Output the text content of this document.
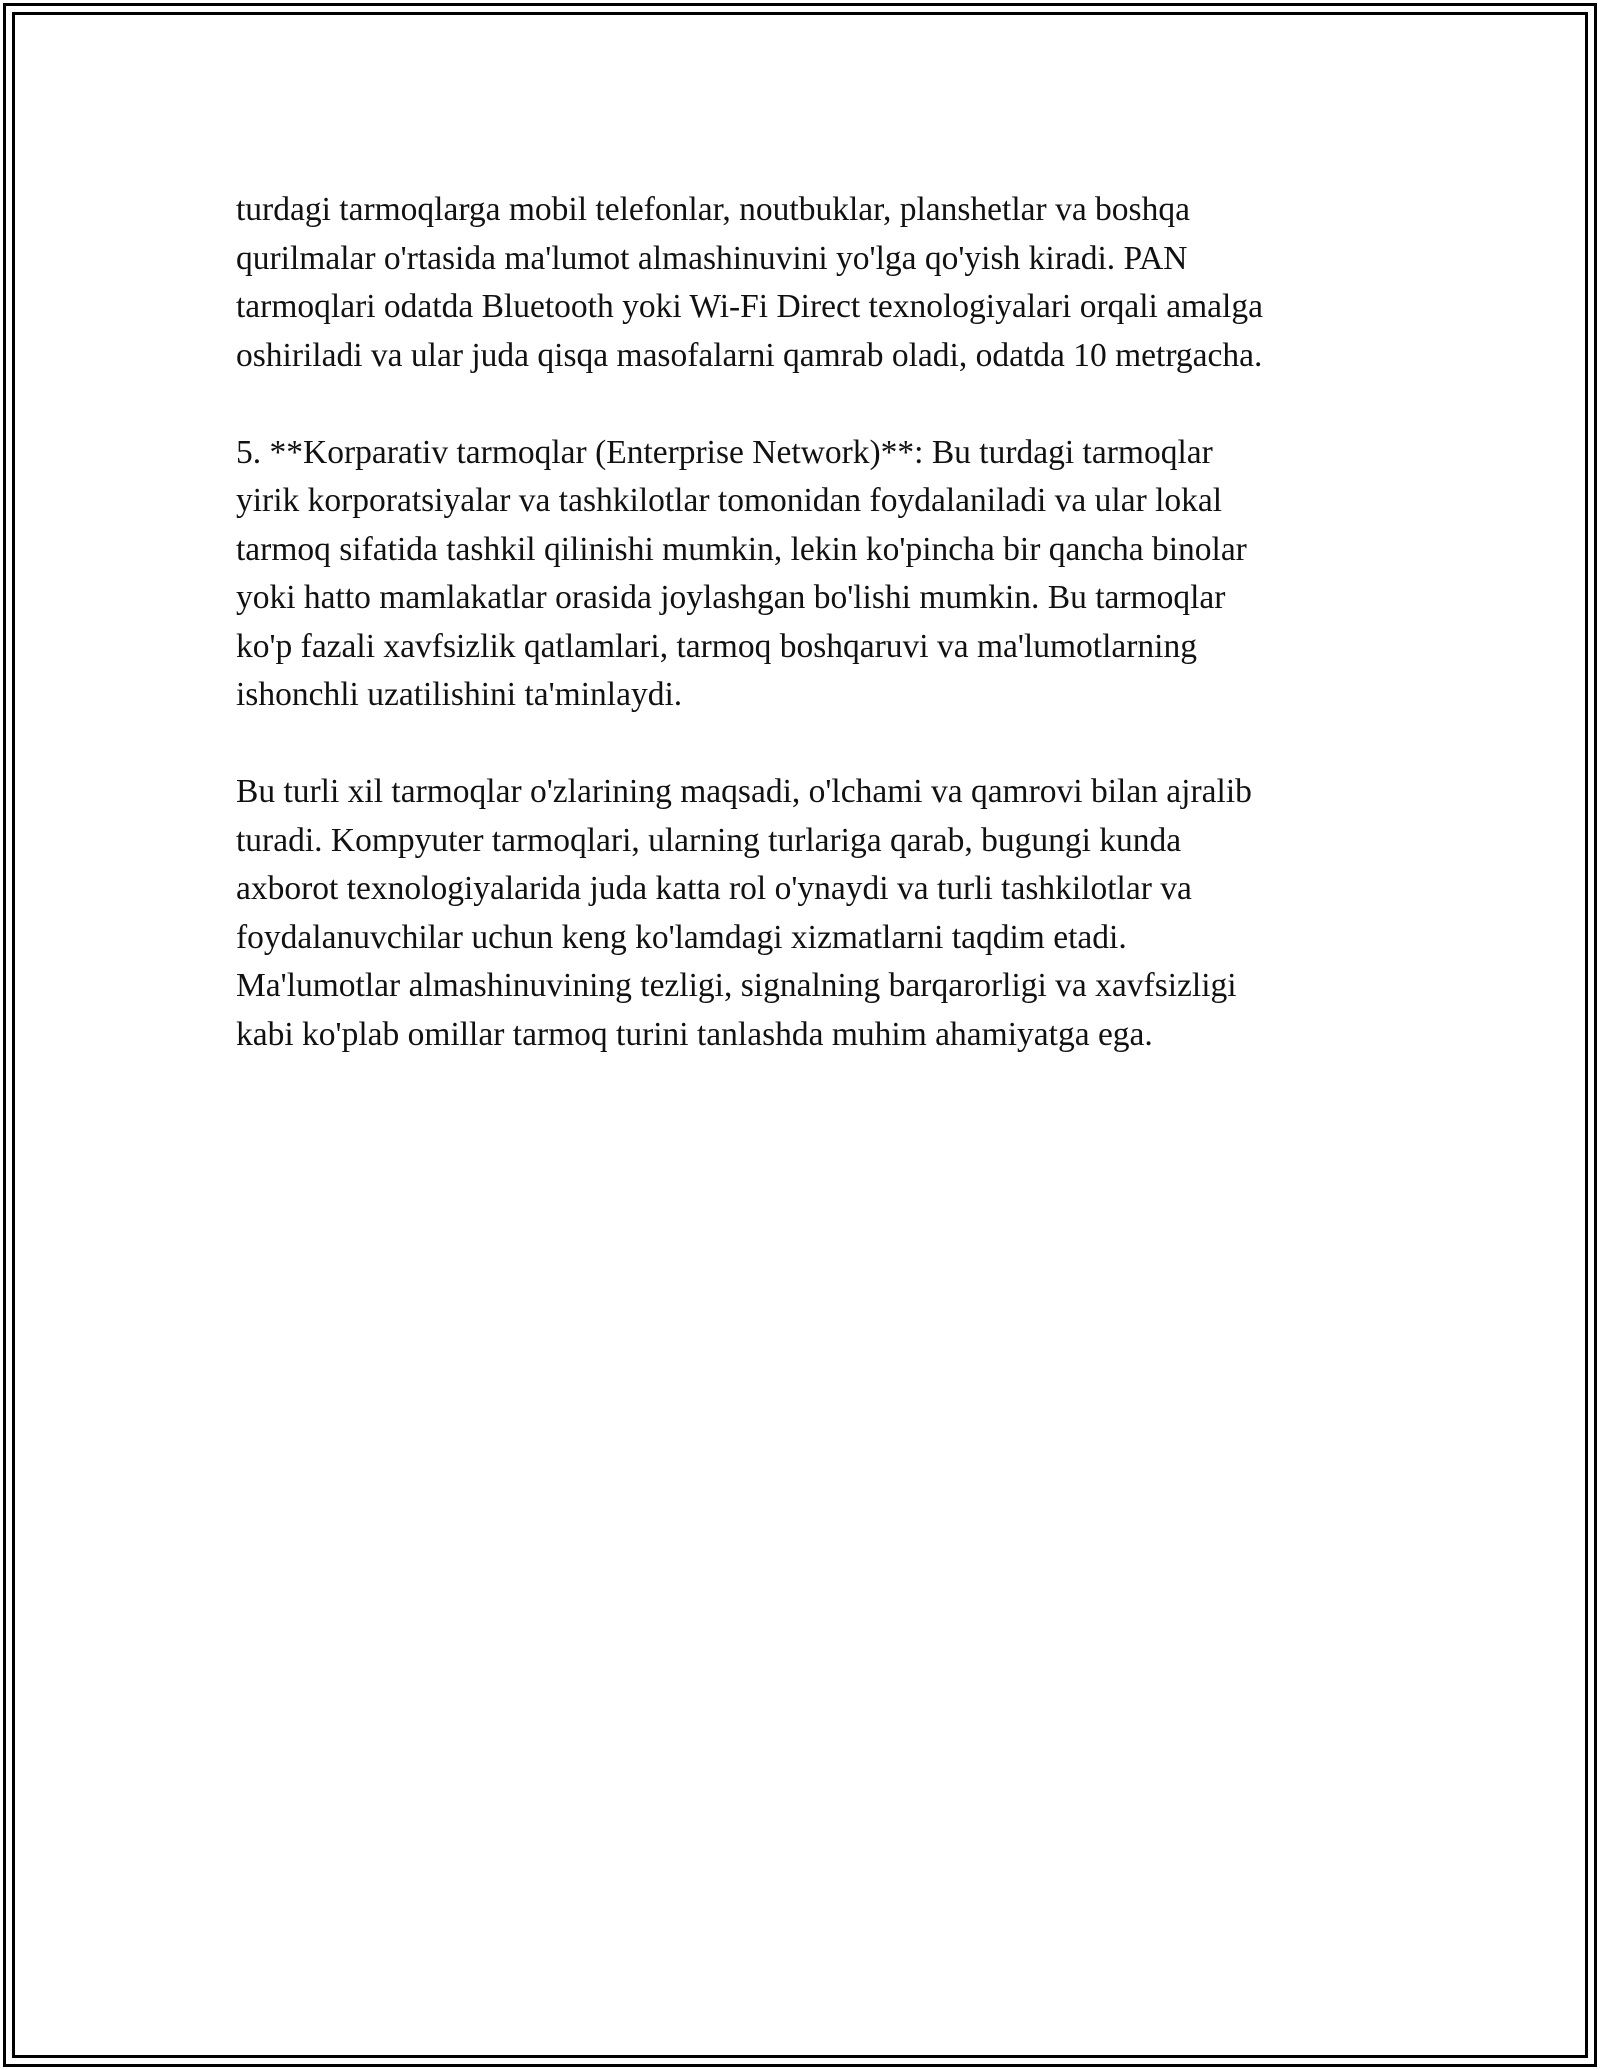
turdagi tarmoqlarga mobil telefonlar, noutbuklar, planshetlar va boshqa
qurilmalar o'rtasida ma'lumot almashinuvini yo'lga qo'yish kiradi. PAN
tarmoqlari odatda Bluetooth yoki Wi-Fi Direct texnologiyalari orqali amalga
oshiriladi va ular juda qisqa masofalarni qamrab oladi, odatda 10 metrgacha.

5. **Korparativ tarmoqlar (Enterprise Network)**: Bu turdagi tarmoqlar
yirik korporatsiyalar va tashkilotlar tomonidan foydalaniladi va ular lokal
tarmoq sifatida tashkil qilinishi mumkin, lekin ko'pincha bir qancha binolar
yoki hatto mamlakatlar orasida joylashgan bo'lishi mumkin. Bu tarmoqlar
ko'p fazali xavfsizlik qatlamlari, tarmoq boshqaruvi va ma'lumotlarning
ishonchli uzatilishini ta'minlaydi.

Bu turli xil tarmoqlar o'zlarining maqsadi, o'lchami va qamrovi bilan ajralib
turadi. Kompyuter tarmoqlari, ularning turlariga qarab, bugungi kunda
axborot texnologiyalarida juda katta rol o'ynaydi va turli tashkilotlar va
foydalanuvchilar uchun keng ko'lamdagi xizmatlarni taqdim etadi.
Ma'lumotlar almashinuvining tezligi, signalning barqarorligi va xavfsizligi
kabi ko'plab omillar tarmoq turini tanlashda muhim ahamiyatga ega.
